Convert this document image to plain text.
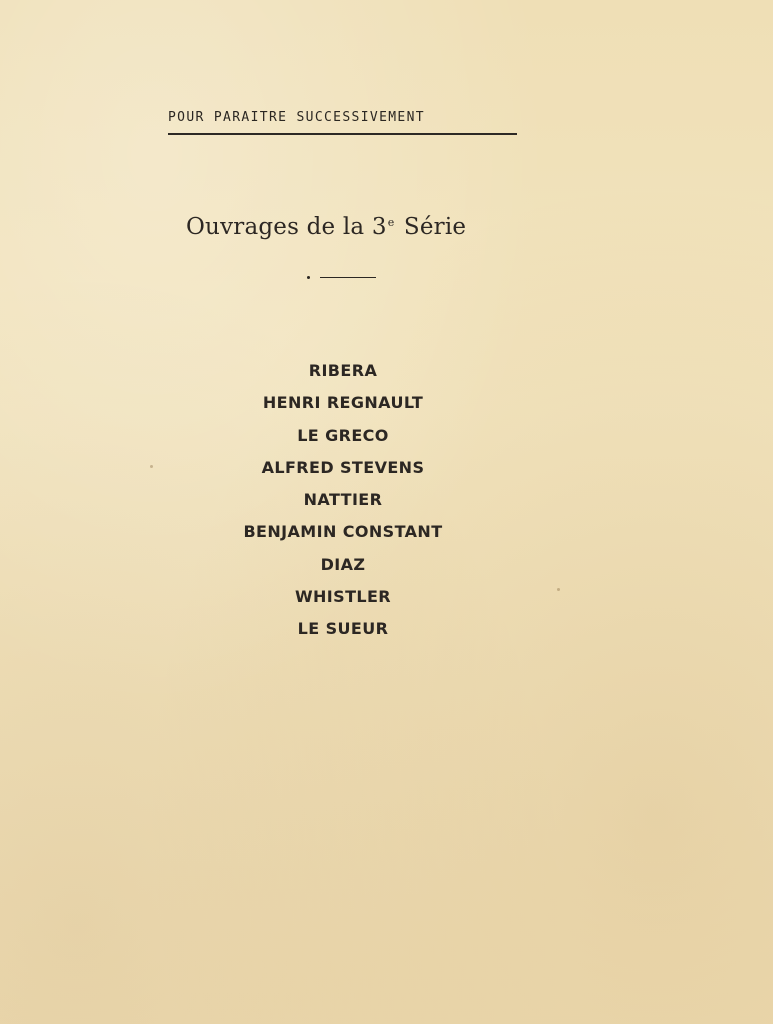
POUR PARAITRE SUCCESSIVEMENT
Ouvrages de la 3e Série
RIBERA
HENRI REGNAULT
LE GRECO
ALFRED STEVENS
NATTIER
BENJAMIN CONSTANT
DIAZ
WHISTLER
LE SUEUR
